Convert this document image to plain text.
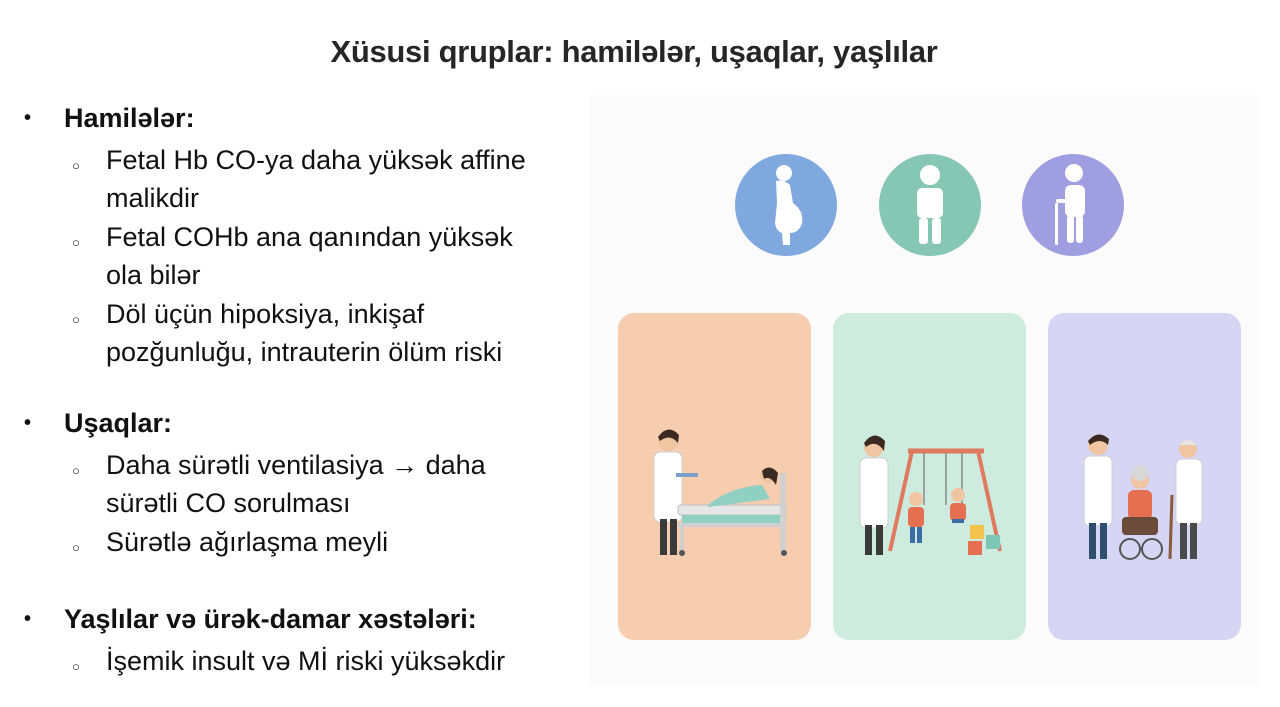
Xüsusi qruplar: hamilələr, uşaqlar, yaşlılar
•	Hamilələr:
○ Fetal Hb CO-ya daha yüksək affine malikdir
○ Fetal COHb ana qanından yüksək ola bilər
○ Döl üçün hipoksiya, inkişaf pozğunluğu, intrauterin ölüm riski
•	Uşaqlar:
○ Daha sürətli ventilasiya → daha sürətli CO sorulması
○ Sürətlə ağırlaşma meyli
•	Yaşlılar və ürək-damar xəstələri:
○ İşemik insult və Mİ riski yüksəkdir
